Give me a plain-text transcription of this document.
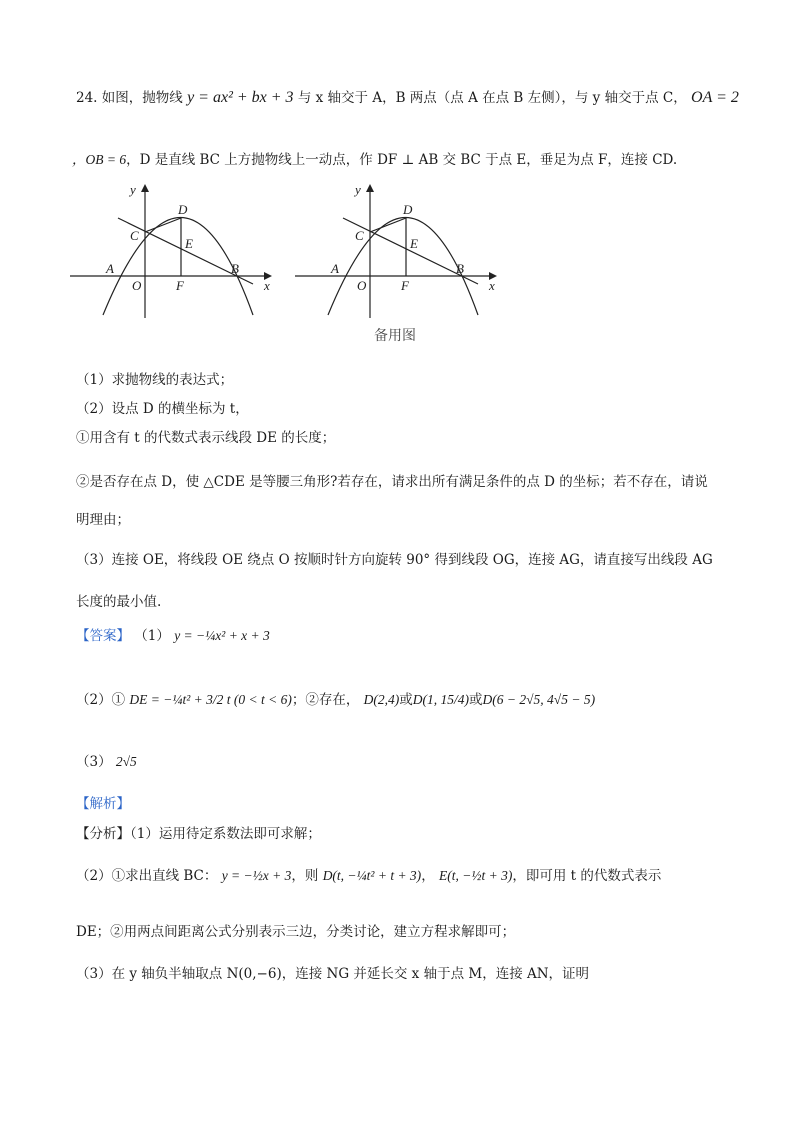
24. 如图，抛物线 y = ax² + bx + 3 与 x 轴交于 A，B 两点（点 A 在点 B 左侧），与 y 轴交于点 C， OA = 2
，OB = 6，D 是直线 BC 上方抛物线上一动点，作 DF ⊥ AB 交 BC 于点 E，垂足为点 F，连接 CD.
y
x
D
C
E
A	B
O	F
y
x
D
C
E
A	B
O	F
备用图
（1）求抛物线的表达式；
（2）设点 D 的横坐标为 t，
①用含有 t 的代数式表示线段 DE 的长度；
②是否存在点 D，使 △CDE 是等腰三角形?若存在，请求出所有满足条件的点 D 的坐标；若不存在，请说
明理由；
（3）连接 OE，将线段 OE 绕点 O 按顺时针方向旋转 90° 得到线段 OG，连接 AG，请直接写出线段 AG
长度的最小值.
【答案】 （1） y = −¼x² + x + 3
（2）① DE = −¼t² + 3/2 t (0 < t < 6)；②存在， D(2,4)或D(1, 15/4)或D(6 − 2√5, 4√5 − 5)
（3） 2√5
【解析】
【分析】（1）运用待定系数法即可求解；
（2）①求出直线 BC： y = −½x + 3，则 D(t, −¼t² + t + 3)， E(t, −½t + 3)，即可用 t 的代数式表示
DE；②用两点间距离公式分别表示三边，分类讨论，建立方程求解即可；
（3）在 y 轴负半轴取点 N(0,−6)，连接 NG 并延长交 x 轴于点 M，连接 AN，证明
